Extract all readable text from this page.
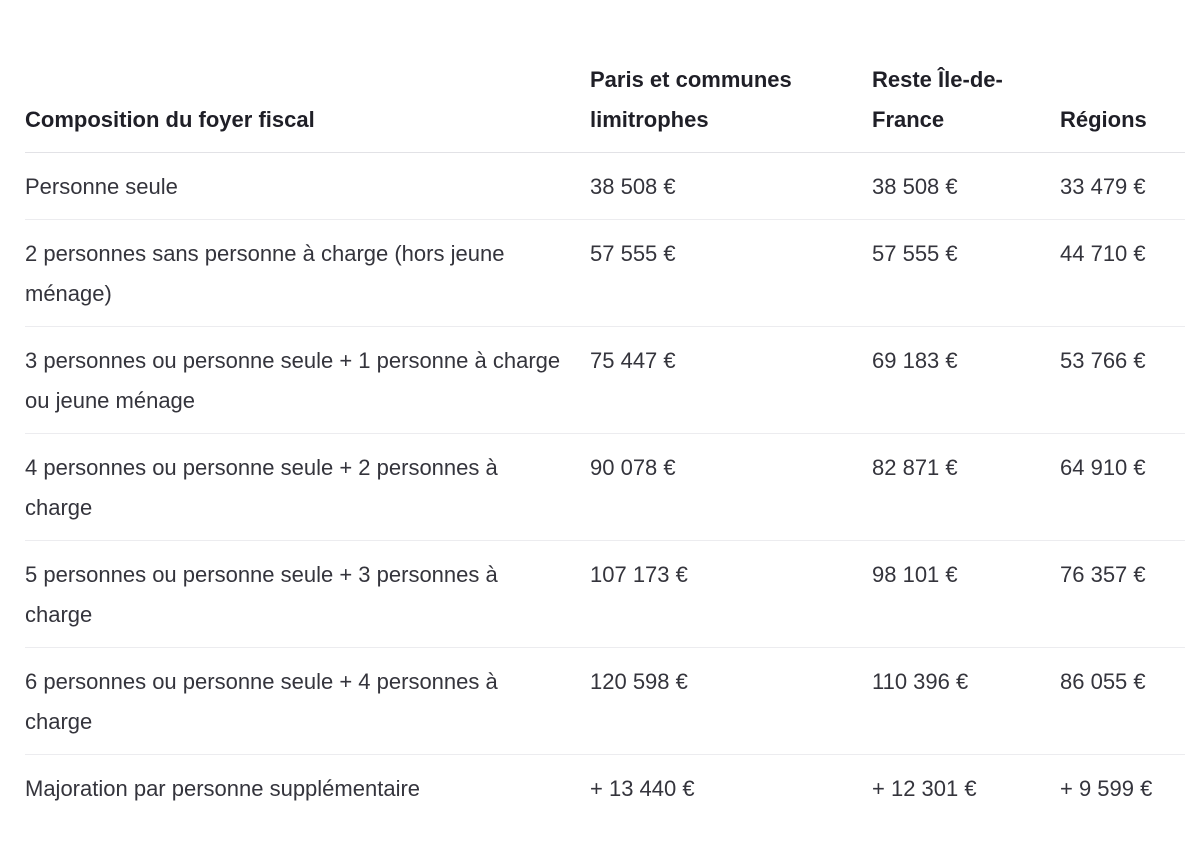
Composition du foyer fiscal	Paris et communes limitrophes	Reste Île-de-France	Régions
Personne seule	38 508 €	38 508 €	33 479 €
2 personnes sans personne à charge (hors jeune ménage)	57 555 €	57 555 €	44 710 €
3 personnes ou personne seule + 1 personne à charge ou jeune ménage	75 447 €	69 183 €	53 766 €
4 personnes ou personne seule + 2 personnes à charge	90 078 €	82 871 €	64 910 €
5 personnes ou personne seule + 3 personnes à charge	107 173 €	98 101 €	76 357 €
6 personnes ou personne seule + 4 personnes à charge	120 598 €	110 396 €	86 055 €
Majoration par personne supplémentaire	+ 13 440 €	+ 12 301 €	+ 9 599 €
